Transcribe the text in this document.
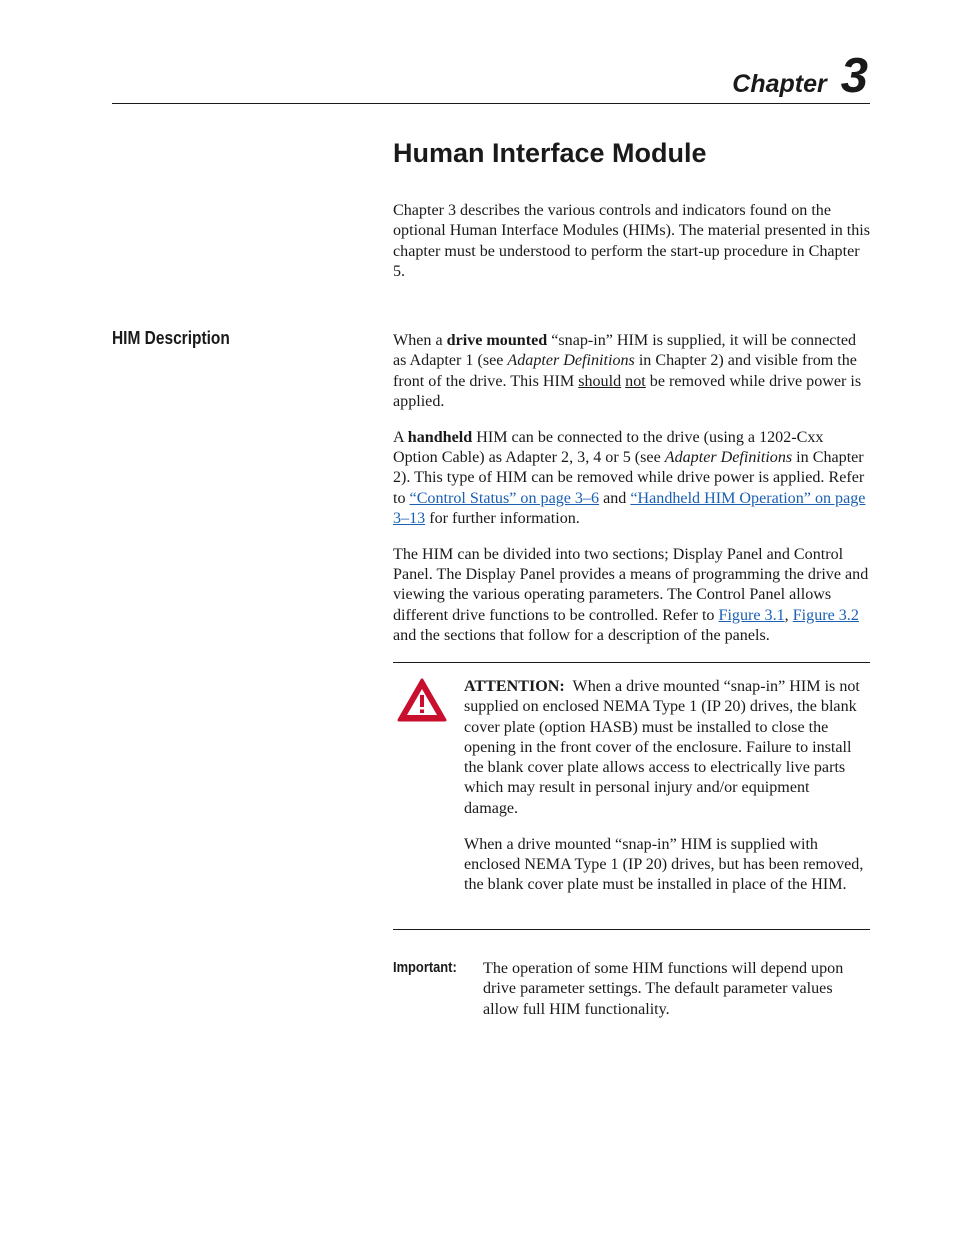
Chapter 3
Human Interface Module

Chapter 3 describes the various controls and indicators found on the optional Human Interface Modules (HIMs). The material presented in this chapter must be understood to perform the start-up procedure in Chapter 5.

HIM Description	When a drive mounted “snap-in” HIM is supplied, it will be connected as Adapter 1 (see Adapter Definitions in Chapter 2) and visible from the front of the drive. This HIM should not be removed while drive power is applied.

A handheld HIM can be connected to the drive (using a 1202-Cxx Option Cable) as Adapter 2, 3, 4 or 5 (see Adapter Definitions in Chapter 2). This type of HIM can be removed while drive power is applied. Refer to “Control Status” on page 3–6 and “Handheld HIM Operation” on page 3–13 for further information.

The HIM can be divided into two sections; Display Panel and Control Panel. The Display Panel provides a means of programming the drive and viewing the various operating parameters. The Control Panel allows different drive functions to be controlled. Refer to Figure 3.1, Figure 3.2 and the sections that follow for a description of the panels.

ATTENTION: When a drive mounted “snap-in” HIM is not supplied on enclosed NEMA Type 1 (IP 20) drives, the blank cover plate (option HASB) must be installed to close the opening in the front cover of the enclosure. Failure to install the blank cover plate allows access to electrically live parts which may result in personal injury and/or equipment damage.

When a drive mounted “snap-in” HIM is supplied with enclosed NEMA Type 1 (IP 20) drives, but has been removed, the blank cover plate must be installed in place of the HIM.

Important: The operation of some HIM functions will depend upon drive parameter settings. The default parameter values allow full HIM functionality.
